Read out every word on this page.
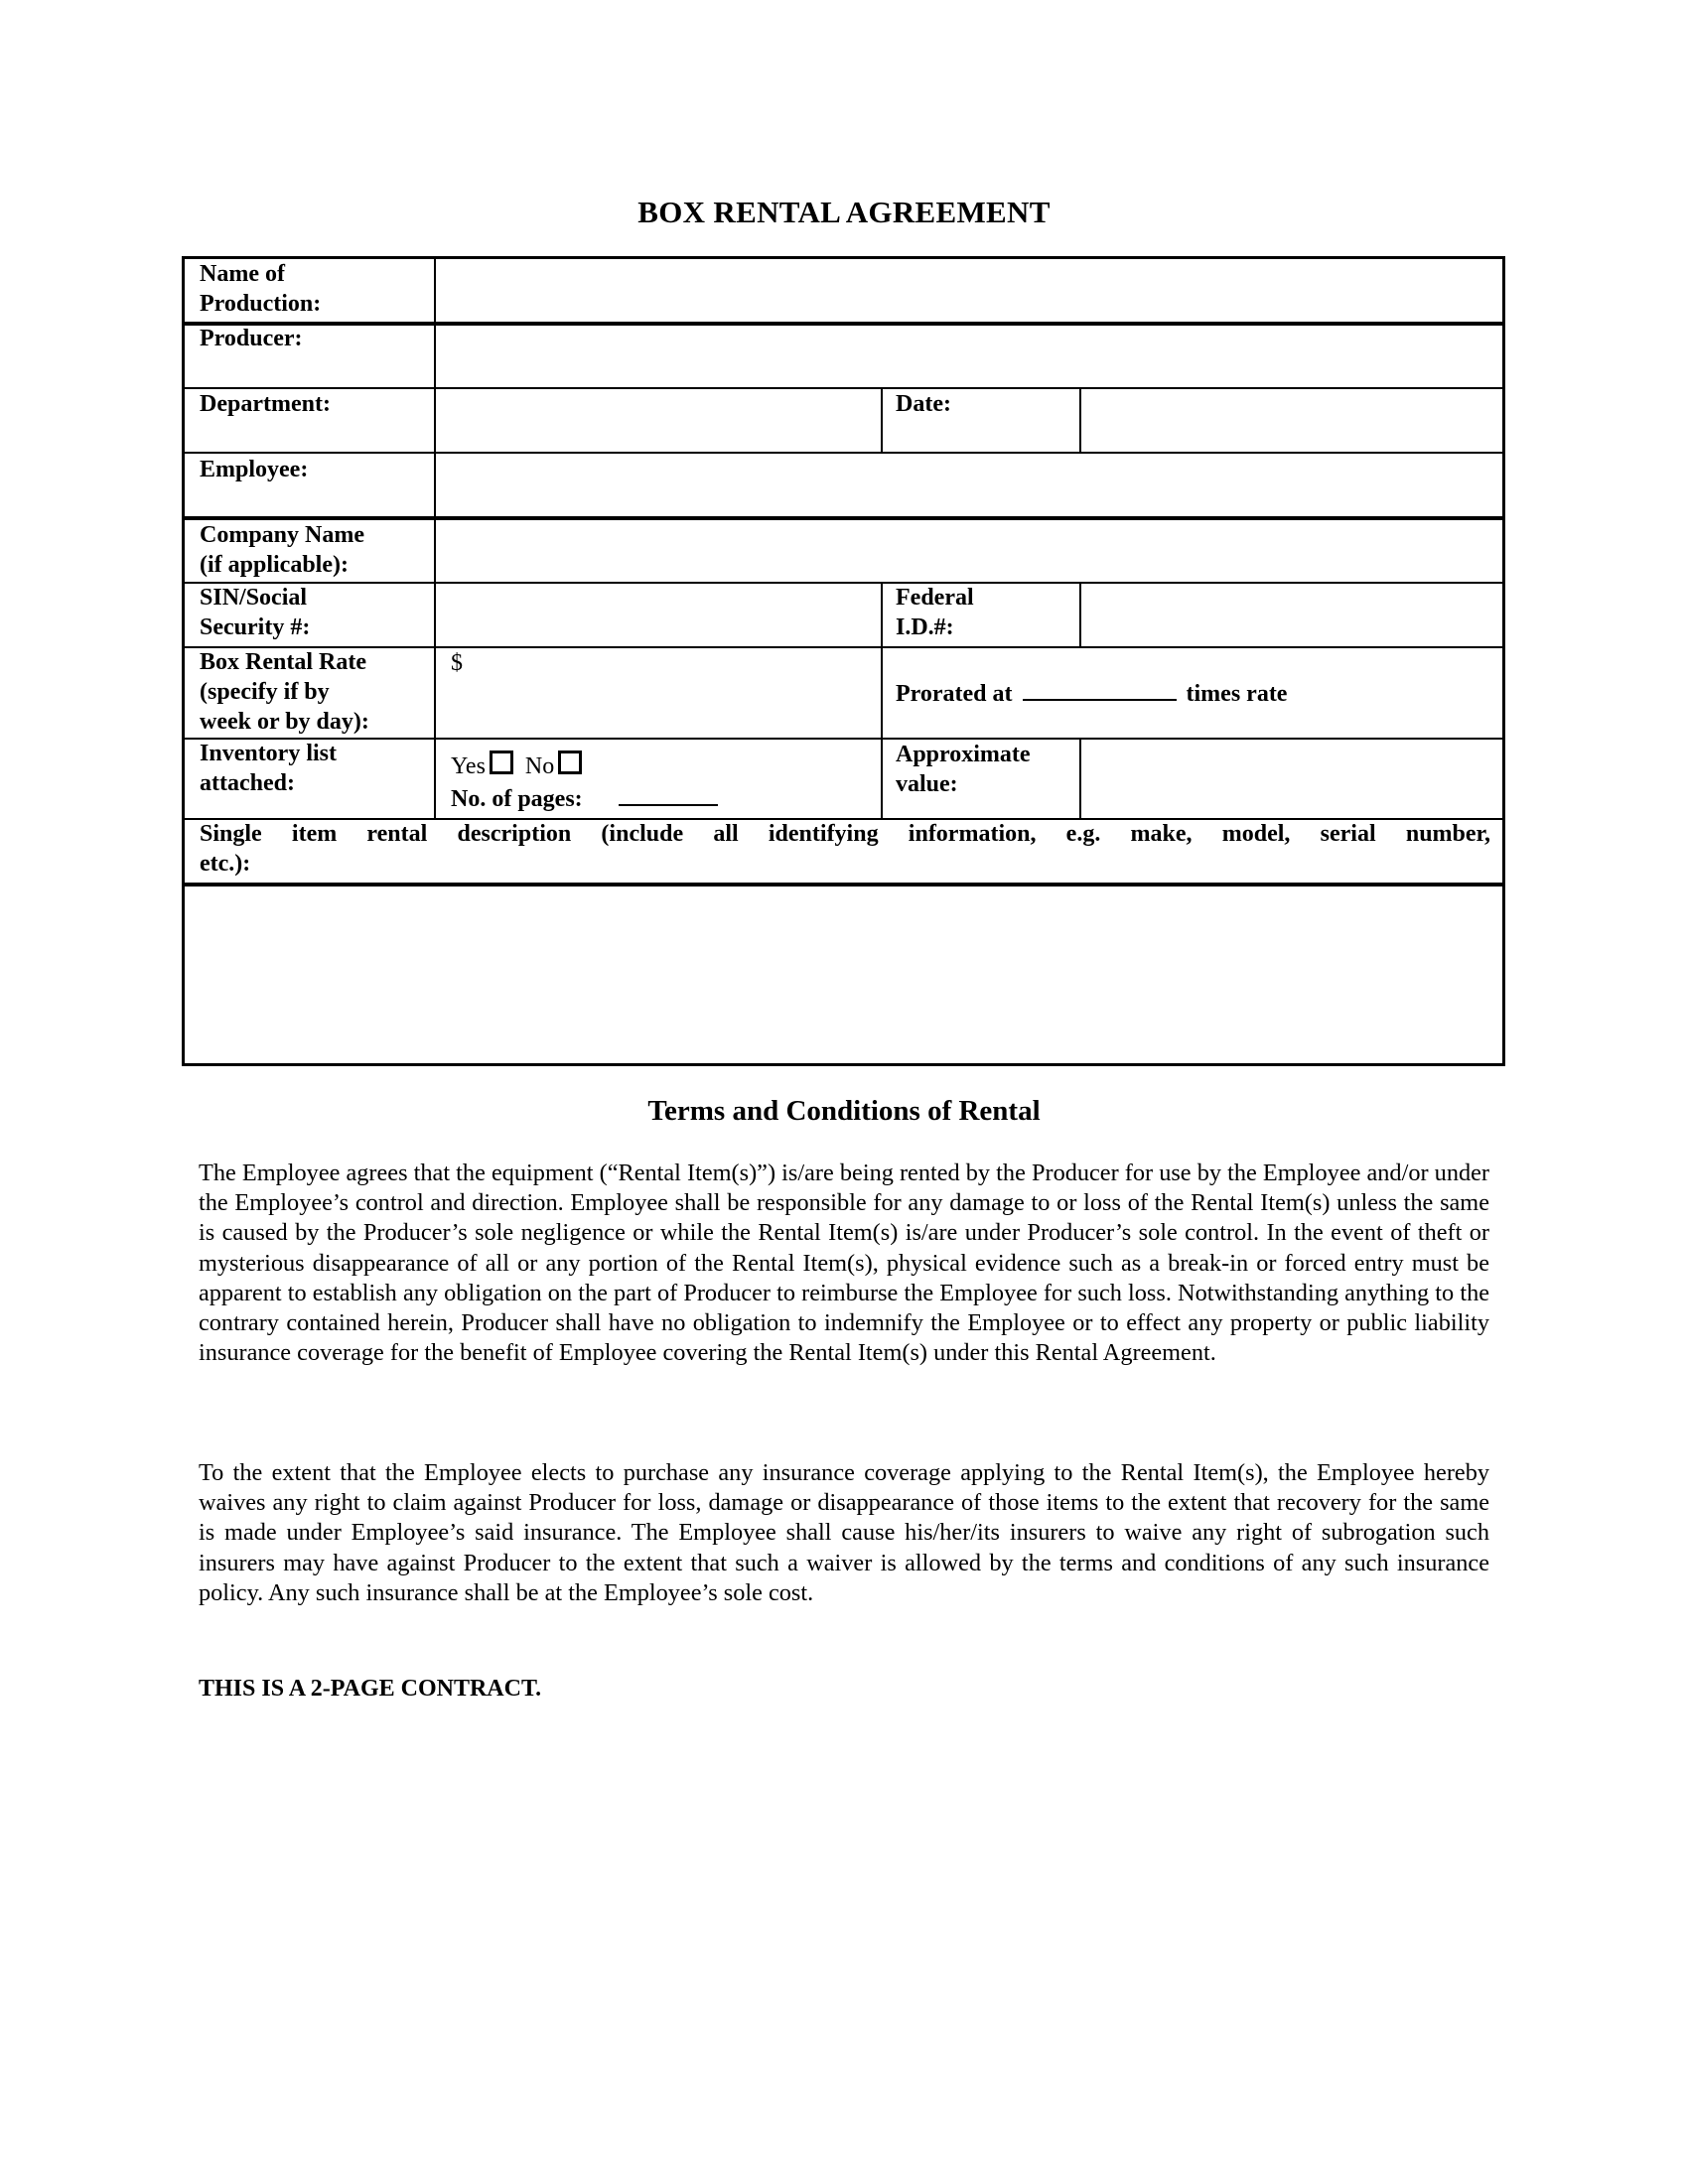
BOX RENTAL AGREEMENT
Name of
Production:
Producer:
Department:	Date:
Employee:
Company Name
(if applicable):
SIN/Social
Security #:
Federal
I.D.#:
Box Rental Rate
(specify if by
week or by day):
$
Prorated at	times rate
Inventory list
attached:
Yes No
No. of pages:
Approximate
value:
Single item rental description (include all identifying information, e.g. make, model, serial number,
etc.):
Terms and Conditions of Rental
The Employee agrees that the equipment (“Rental Item(s)”) is/are being rented by the Producer for use by the Employee and/or under the Employee’s control and direction. Employee shall be responsible for any damage to or loss of the Rental Item(s) unless the same is caused by the Producer’s sole negligence or while the Rental Item(s) is/are under Producer’s sole control. In the event of theft or mysterious disappearance of all or any portion of the Rental Item(s), physical evidence such as a break-in or forced entry must be apparent to establish any obligation on the part of Producer to reimburse the Employee for such loss. Notwithstanding anything to the contrary contained herein, Producer shall have no obligation to indemnify the Employee or to effect any property or public liability insurance coverage for the benefit of Employee covering the Rental Item(s) under this Rental Agreement.
To the extent that the Employee elects to purchase any insurance coverage applying to the Rental Item(s), the Employee hereby waives any right to claim against Producer for loss, damage or disappearance of those items to the extent that recovery for the same is made under Employee’s said insurance. The Employee shall cause his/her/its insurers to waive any right of subrogation such insurers may have against Producer to the extent that such a waiver is allowed by the terms and conditions of any such insurance policy. Any such insurance shall be at the Employee’s sole cost.
THIS IS A 2-PAGE CONTRACT.
